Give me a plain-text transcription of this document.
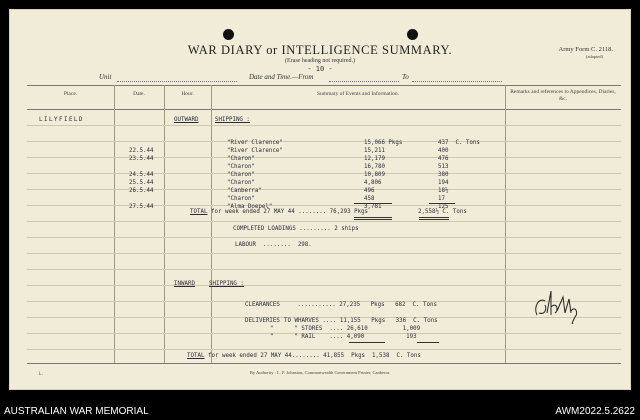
WAR DIARY or INTELLIGENCE SUMMARY.
(Erase heading not required.)
Army Form C. 2118.
(adapted)
- 10 -
Unit	Date and Time.—From	To
Place.	Date.	Hour.	Summary of Events and Information.	Remarks and references to Appendices, Diaries, &c.
LILYFIELD	OUTWARD	SHIPPING :
"River Clarence"	15,066 Pkgs	437  C. Tons
22.5.44	"River Clarence"	15,211	400
23.5.44	"Charon"	12,179	476
"Charon"	16,780	513
24.5.44	"Charon"	10,809	380
25.5.44	"Charon"	4,806	194
26.5.44	"Canberra"	496	18½
"Charon"	458	17
27.5.44	"Alma Doepel"	3,781	125
TOTAL for week ended 27 MAY 44 ........ 76,293 Pkgs	2,558½ C. Tons
COMPLETED LOADINGS ......... 2 ships
LABOUR  ........  298.
INWARD SHIPPING :
CLEARANCES     ........... 27,235   Pkgs   682  C. Tons
DELIVERIES TO WHARVES .... 11,155   Pkgs   336  C. Tons
"      " STORES  .... 26,610          1,009
"      " RAIL    .... 4,090            193
TOTAL for week ended 27 MAY 44........ 41,855  Pkgs  1,538  C. Tons
L.	By Authority : L. F. Johnston, Commonwealth Government Printer, Canberra.
AUSTRALIAN WAR MEMORIAL	AWM2022.5.2622
